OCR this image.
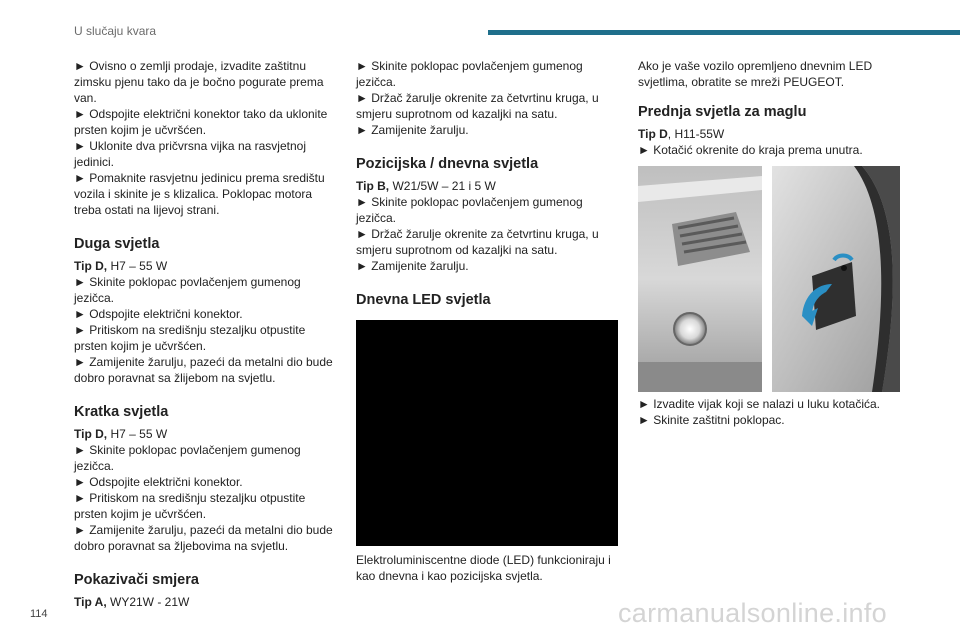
U slučaju kvara

► Ovisno o zemlji prodaje, izvadite zaštitnu zimsku pjenu tako da je bočno pogurate prema van.

► Odspojite električni konektor tako da uklonite prsten kojim je učvršćen.

► Uklonite dva pričvrsna vijka na rasvjetnoj jedinici.

► Pomaknite rasvjetnu jedinicu prema središtu vozila i skinite je s klizalica. Poklopac motora treba ostati na lijevoj strani.

Duga svjetla

Tip D, H7 – 55 W

► Skinite poklopac povlačenjem gumenog jezičca.

► Odspojite električni konektor.

► Pritiskom na središnju stezaljku otpustite prsten kojim je učvršćen.

► Zamijenite žarulju, pazeći da metalni dio bude dobro poravnat sa žlijebom na svjetlu.

Kratka svjetla

Tip D, H7 – 55 W

► Skinite poklopac povlačenjem gumenog jezičca.

► Odspojite električni konektor.

► Pritiskom na središnju stezaljku otpustite prsten kojim je učvršćen.

► Zamijenite žarulju, pazeći da metalni dio bude dobro poravnat sa žljebovima na svjetlu.

Pokazivači smjera

Tip A, WY21W - 21W

► Skinite poklopac povlačenjem gumenog jezičca.

► Držač žarulje okrenite za četvrtinu kruga, u smjeru suprotnom od kazaljki na satu.

► Zamijenite žarulju.

Pozicijska / dnevna svjetla

Tip B, W21/5W – 21 i 5 W

► Skinite poklopac povlačenjem gumenog jezičca.

► Držač žarulje okrenite za četvrtinu kruga, u smjeru suprotnom od kazaljki na satu.

► Zamijenite žarulju.

Dnevna LED svjetla

Elektroluminiscentne diode (LED) funkcioniraju i kao dnevna i kao pozicijska svjetla.

Ako je vaše vozilo opremljeno dnevnim LED svjetlima, obratite se mreži PEUGEOT.

Prednja svjetla za maglu

Tip D, H11-55W

► Kotačić okrenite do kraja prema unutra.

► Izvadite vijak koji se nalazi u luku kotačića.

► Skinite zaštitni poklopac.

114	carmanualsonline.info
